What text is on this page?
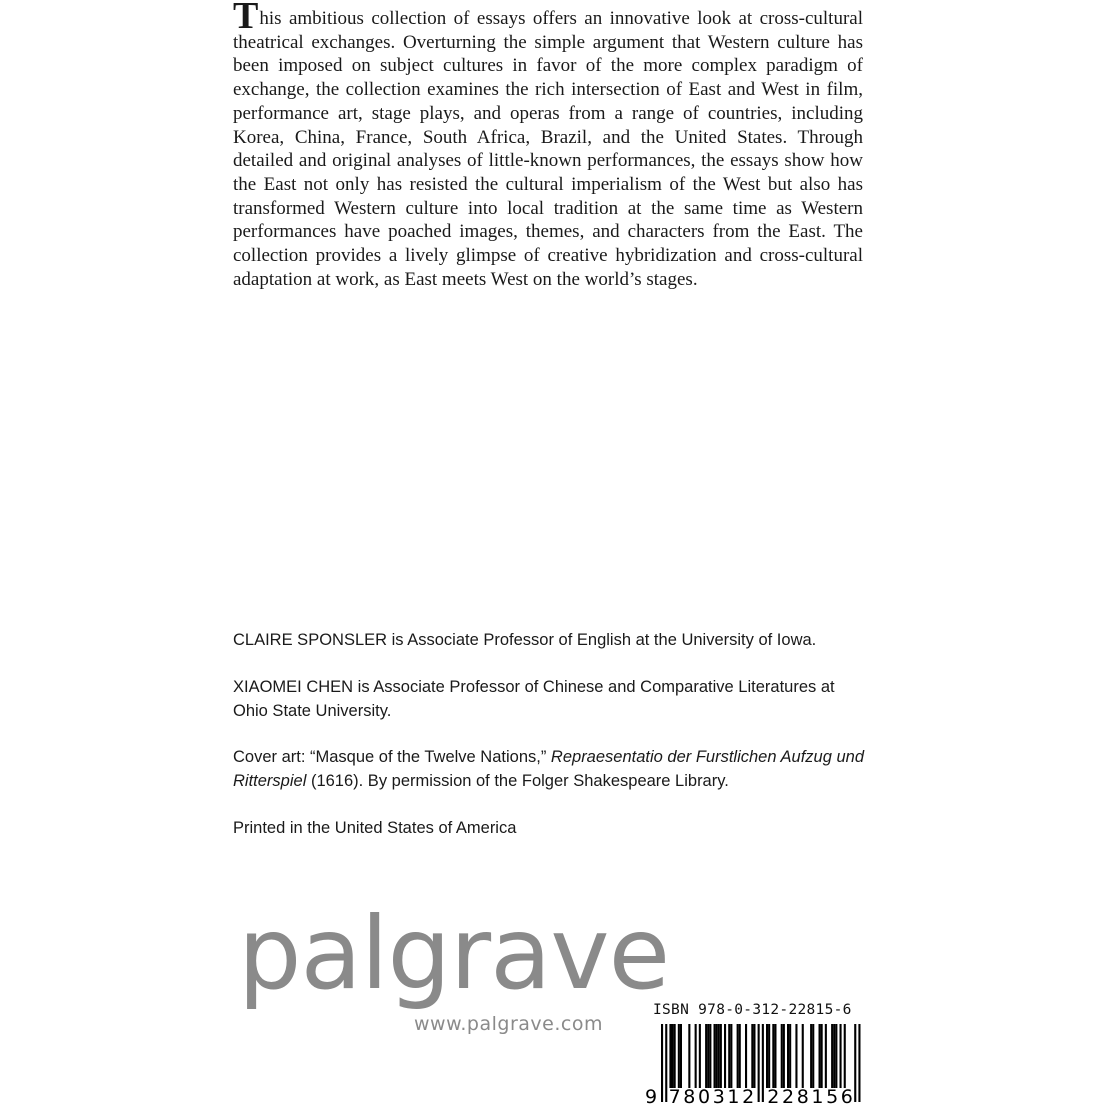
This ambitious collection of essays offers an innovative look at cross-cultural theatrical exchanges. Overturning the simple argument that Western culture has been imposed on subject cultures in favor of the more complex paradigm of exchange, the collection examines the rich intersection of East and West in film, performance art, stage plays, and operas from a range of countries, including Korea, China, France, South Africa, Brazil, and the United States. Through detailed and original analyses of little-known performances, the essays show how the East not only has resisted the cultural imperialism of the West but also has transformed Western culture into local tradition at the same time as Western performances have poached images, themes, and characters from the East. The collection provides a lively glimpse of creative hybridization and cross-cultural adaptation at work, as East meets West on the world’s stages.

CLAIRE SPONSLER is Associate Professor of English at the University of Iowa.

XIAOMEI CHEN is Associate Professor of Chinese and Comparative Literatures at Ohio State University.

Cover art: “Masque of the Twelve Nations,” Repraesentatio der Furstlichen Aufzug und Ritterspiel (1616). By permission of the Folger Shakespeare Library.

Printed in the United States of America

palgrave
www.palgrave.com
ISBN 978-0-312-22815-6
9 7 8 0 3 1 2 2 2 8 1 5 6
